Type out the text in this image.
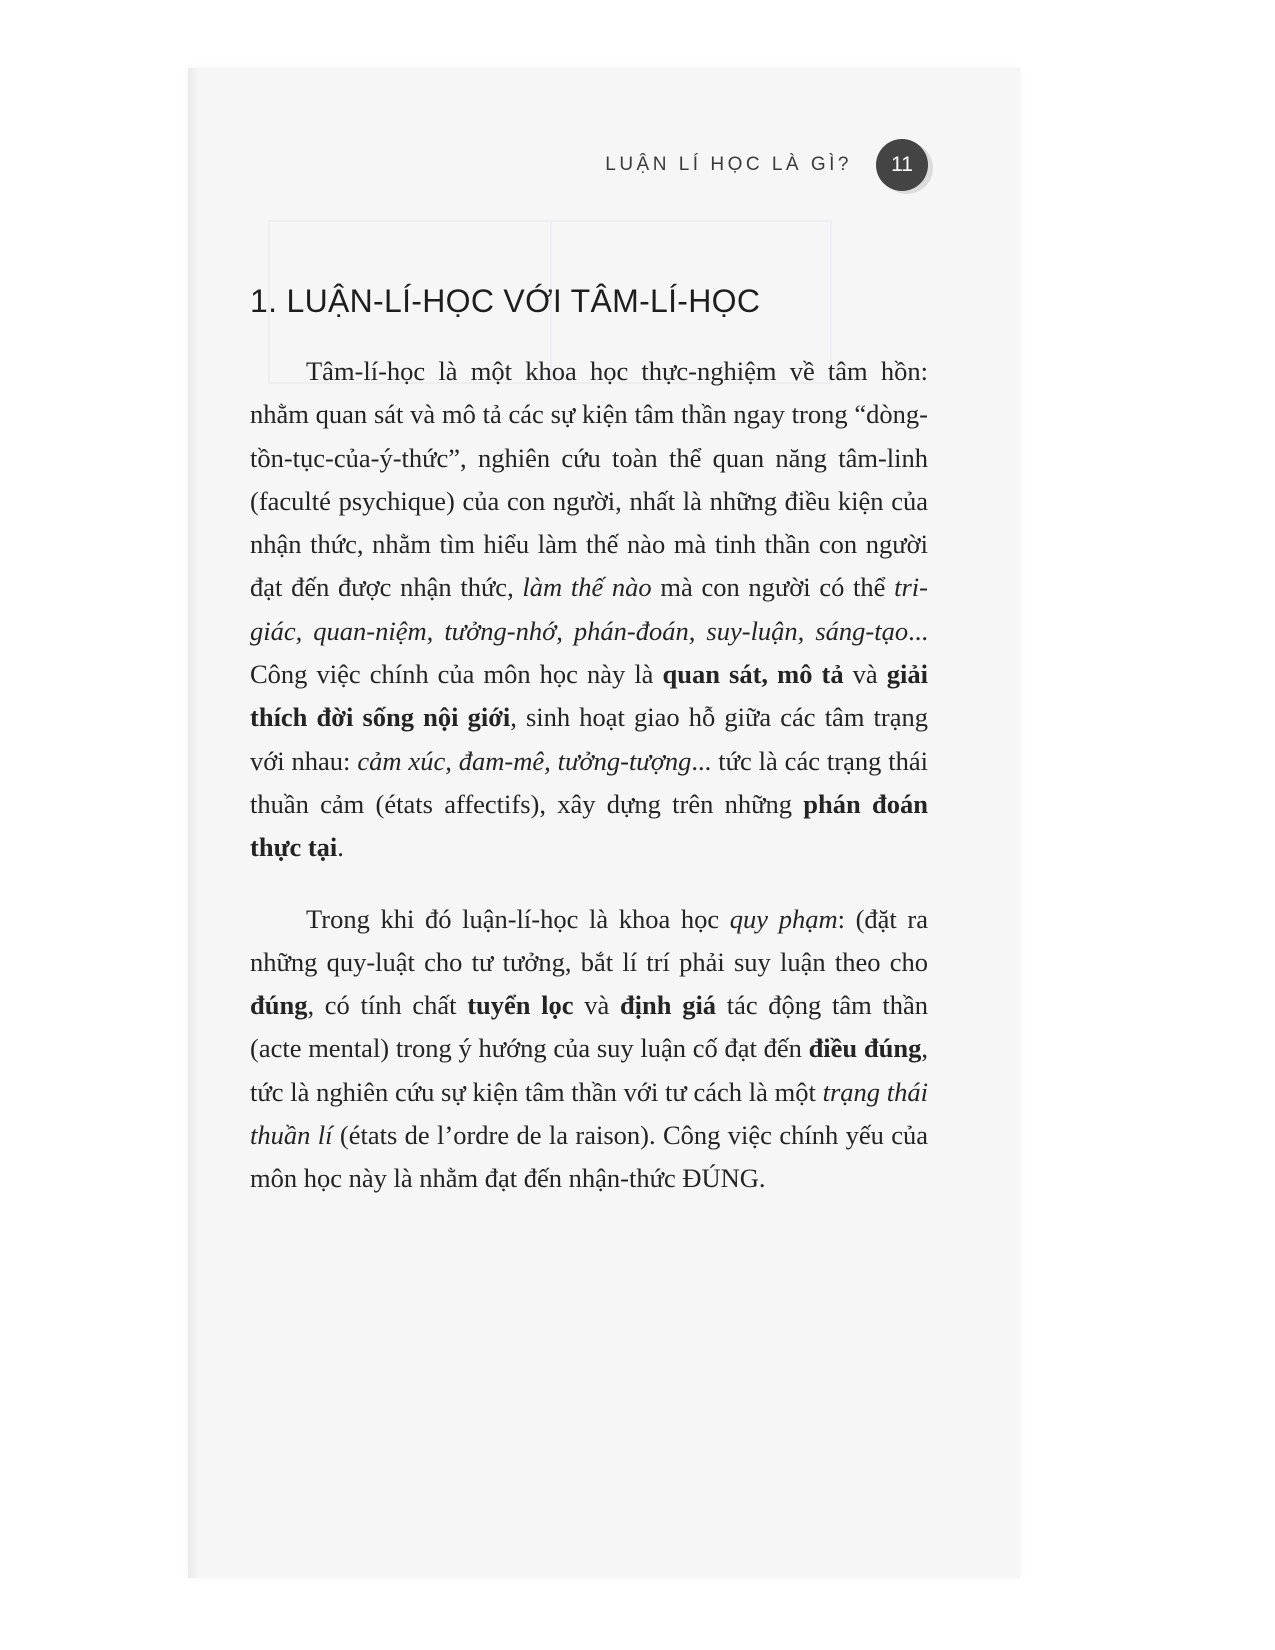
LUẬN LÍ HỌC LÀ GÌ?	11
1. LUẬN-LÍ-HỌC VỚI TÂM-LÍ-HỌC

Tâm-lí-học là một khoa học thực-nghiệm về tâm hồn: nhằm quan sát và mô tả các sự kiện tâm thần ngay trong “dòng-tồn-tục-của-ý-thức”, nghiên cứu toàn thể quan năng tâm-linh (faculté psychique) của con người, nhất là những điều kiện của nhận thức, nhằm tìm hiểu làm thế nào mà tinh thần con người đạt đến được nhận thức, làm thế nào mà con người có thể tri-giác, quan-niệm, tưởng-nhớ, phán-đoán, suy-luận, sáng-tạo... Công việc chính của môn học này là quan sát, mô tả và giải thích đời sống nội giới, sinh hoạt giao hỗ giữa các tâm trạng với nhau: cảm xúc, đam-mê, tưởng-tượng... tức là các trạng thái thuần cảm (états affectifs), xây dựng trên những phán đoán thực tại.

Trong khi đó luận-lí-học là khoa học quy phạm: (đặt ra những quy-luật cho tư tưởng, bắt lí trí phải suy luận theo cho đúng, có tính chất tuyển lọc và định giá tác động tâm thần (acte mental) trong ý hướng của suy luận cố đạt đến điều đúng, tức là nghiên cứu sự kiện tâm thần với tư cách là một trạng thái thuần lí (états de l’ordre de la raison). Công việc chính yếu của môn học này là nhằm đạt đến nhận-thức ĐÚNG.
